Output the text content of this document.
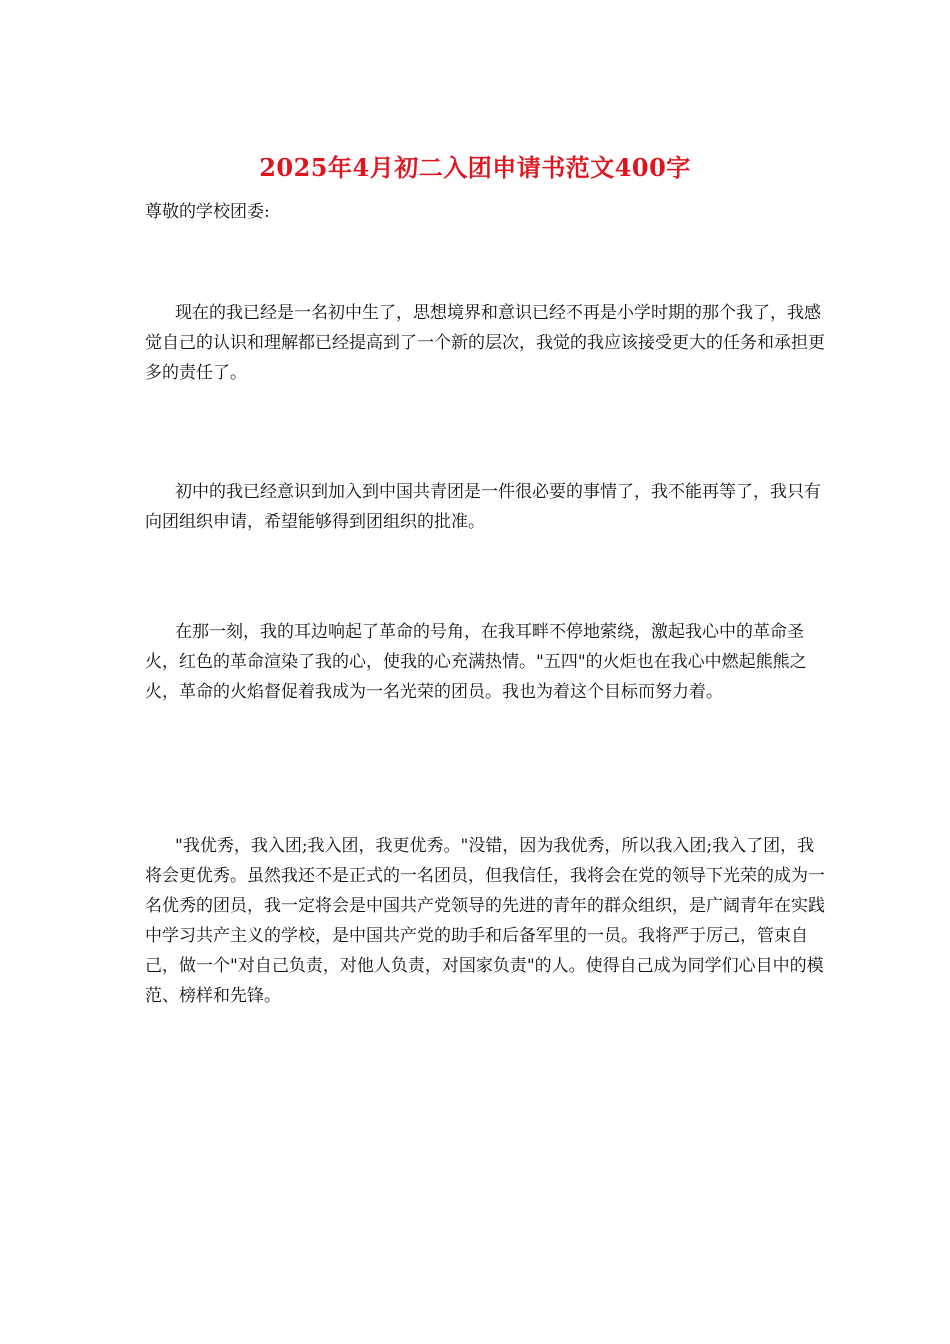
2025年4月初二入团申请书范文400字
尊敬的学校团委:
现在的我已经是一名初中生了，思想境界和意识已经不再是小学时期的那个我了，我感觉自己的认识和理解都已经提高到了一个新的层次，我觉的我应该接受更大的任务和承担更多的责任了。
初中的我已经意识到加入到中国共青团是一件很必要的事情了，我不能再等了，我只有向团组织申请，希望能够得到团组织的批准。
在那一刻，我的耳边响起了革命的号角，在我耳畔不停地萦绕，激起我心中的革命圣火，红色的革命渲染了我的心，使我的心充满热情。"五四"的火炬也在我心中燃起熊熊之火，革命的火焰督促着我成为一名光荣的团员。我也为着这个目标而努力着。
"我优秀，我入团;我入团，我更优秀。"没错，因为我优秀，所以我入团;我入了团，我将会更优秀。虽然我还不是正式的一名团员，但我信任，我将会在党的领导下光荣的成为一名优秀的团员，我一定将会是中国共产党领导的先进的青年的群众组织，是广阔青年在实践中学习共产主义的学校，是中国共产党的助手和后备军里的一员。我将严于厉己，管束自己，做一个"对自己负责，对他人负责，对国家负责"的人。使得自己成为同学们心目中的模范、榜样和先锋。
